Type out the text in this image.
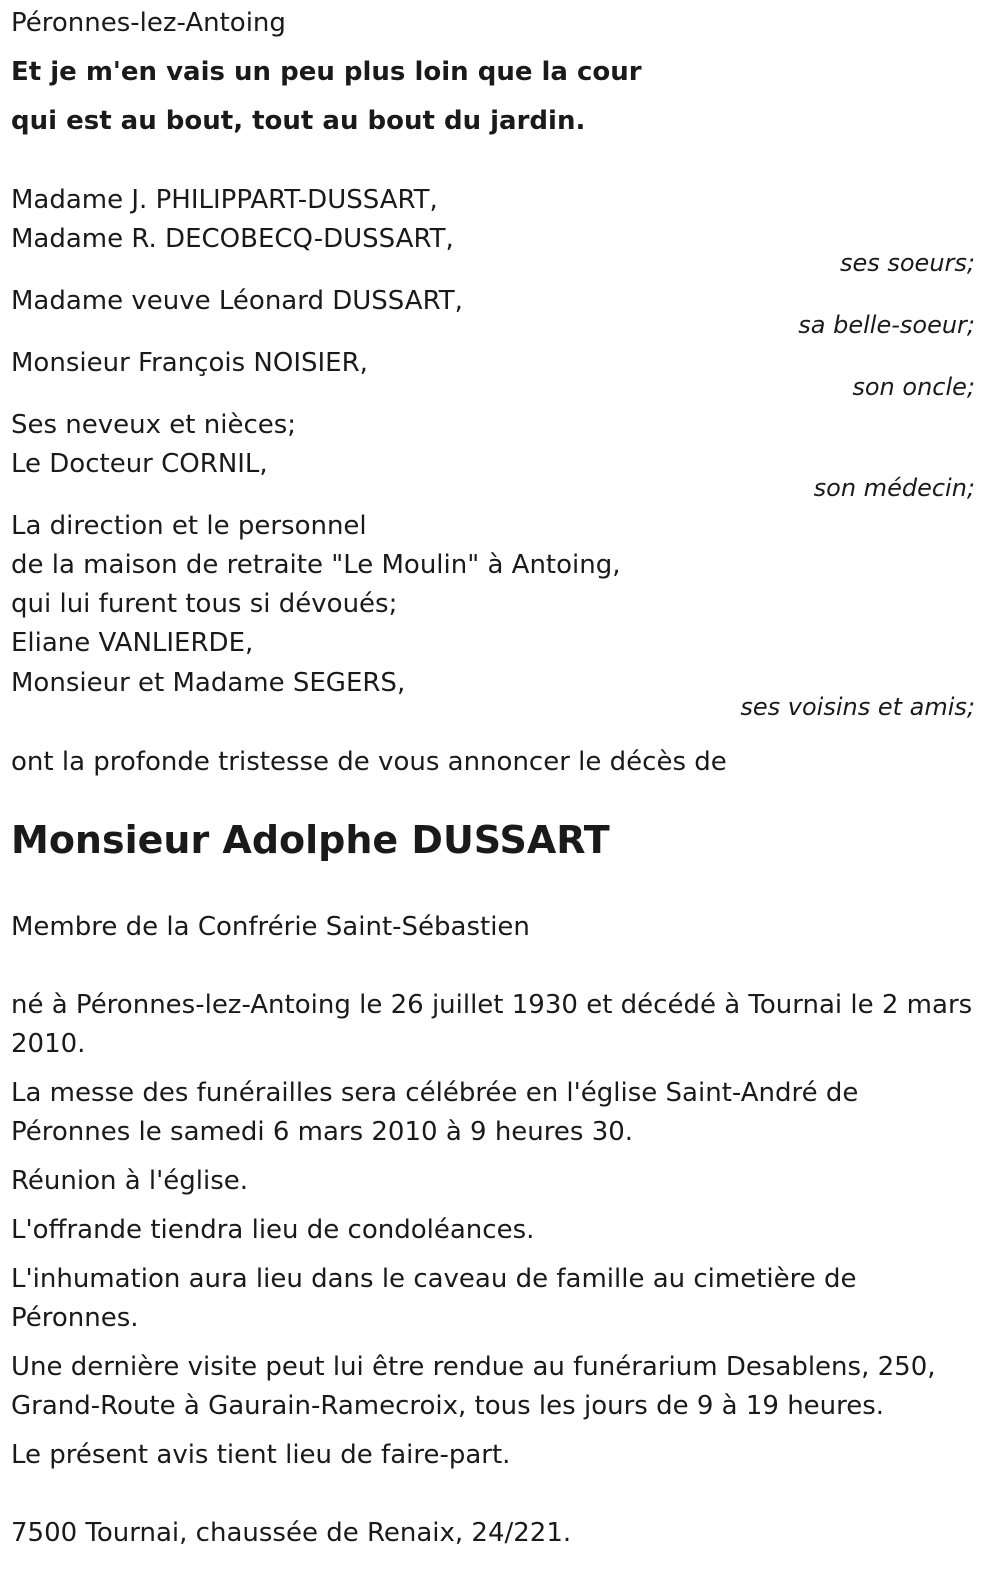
Péronnes-lez-Antoing
Et je m'en vais un peu plus loin que la cour
qui est au bout, tout au bout du jardin.
Madame J. PHILIPPART-DUSSART,
Madame R. DECOBECQ-DUSSART,
ses soeurs;
Madame veuve Léonard DUSSART,
sa belle-soeur;
Monsieur François NOISIER,
son oncle;
Ses neveux et nièces;
Le Docteur CORNIL,
son médecin;
La direction et le personnel
de la maison de retraite "Le Moulin" à Antoing,
qui lui furent tous si dévoués;
Eliane VANLIERDE,
Monsieur et Madame SEGERS,
ses voisins et amis;
ont la profonde tristesse de vous annoncer le décès de
Monsieur Adolphe DUSSART
Membre de la Confrérie Saint-Sébastien
né à Péronnes-lez-Antoing le 26 juillet 1930 et décédé à Tournai le 2 mars
2010.
La messe des funérailles sera célébrée en l'église Saint-André de
Péronnes le samedi 6 mars 2010 à 9 heures 30.
Réunion à l'église.
L'offrande tiendra lieu de condoléances.
L'inhumation aura lieu dans le caveau de famille au cimetière de
Péronnes.
Une dernière visite peut lui être rendue au funérarium Desablens, 250,
Grand-Route à Gaurain-Ramecroix, tous les jours de 9 à 19 heures.
Le présent avis tient lieu de faire-part.
7500 Tournai, chaussée de Renaix, 24/221.
